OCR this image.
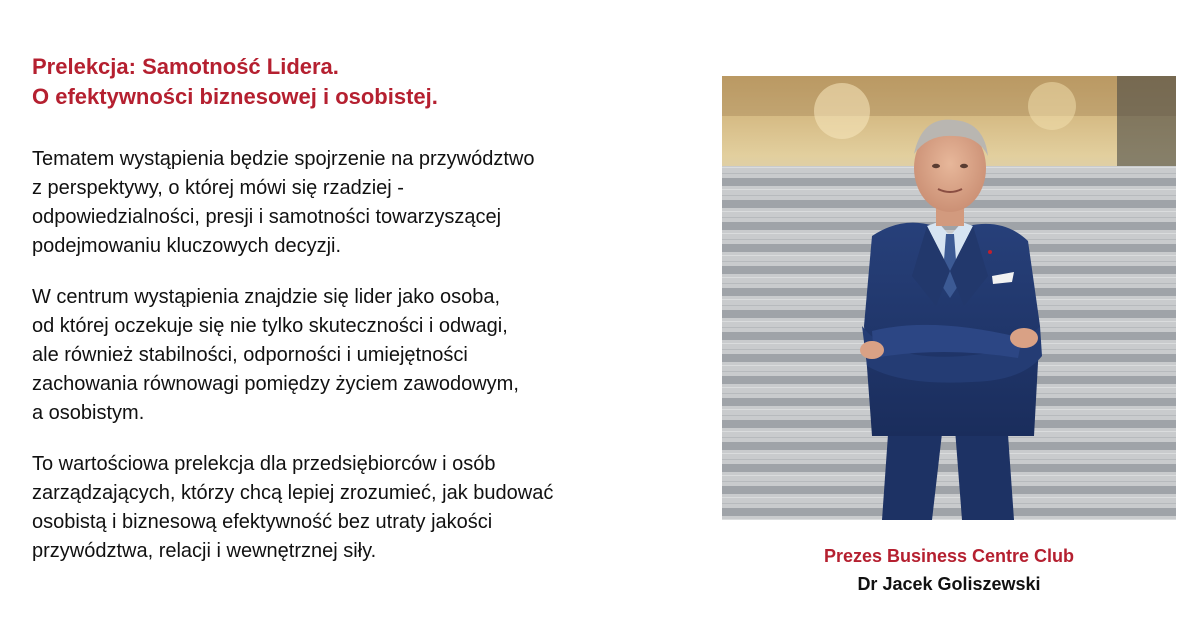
Prelekcja: Samotność Lidera.
O efektywności biznesowej i osobistej.
Tematem wystąpienia będzie spojrzenie na przywództwo
z perspektywy, o której mówi się rzadziej -
odpowiedzialności, presji i samotności towarzyszącej
podejmowaniu kluczowych decyzji.
W centrum wystąpienia znajdzie się lider jako osoba,
od której oczekuje się nie tylko skuteczności i odwagi,
ale również stabilności, odporności i umiejętności
zachowania równowagi pomiędzy życiem zawodowym,
a osobistym.
To wartościowa prelekcja dla przedsiębiorców i osób
zarządzających, którzy chcą lepiej zrozumieć, jak budować
osobistą i biznesową efektywność bez utraty jakości
przywództwa, relacji i wewnętrznej siły.	Prezes Business Centre Club
Dr Jacek Goliszewski
